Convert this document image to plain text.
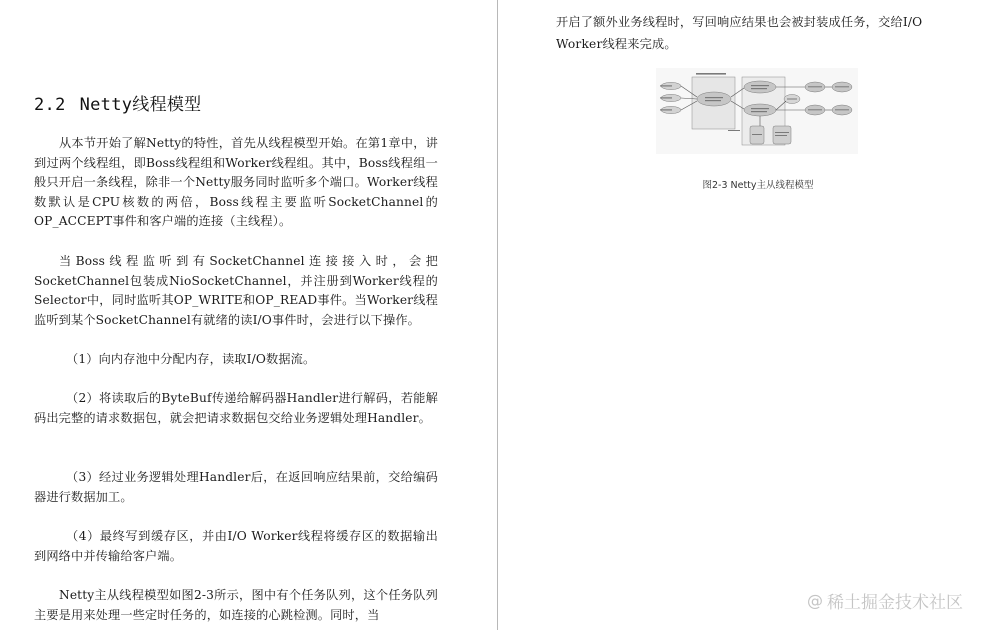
2.2 Netty线程模型

从本节开始了解Netty的特性，首先从线程模型开始。在第1章中，讲到过两个线程组，即Boss线程组和Worker线程组。其中，Boss线程组一般只开启一条线程，除非一个Netty服务同时监听多个端口。Worker线程数默认是CPU核数的两倍，Boss线程主要监听SocketChannel的OP_ACCEPT事件和客户端的连接（主线程）。

当Boss线程监听到有SocketChannel连接接入时，会把SocketChannel包装成NioSocketChannel，并注册到Worker线程的Selector中，同时监听其OP_WRITE和OP_READ事件。当Worker线程监听到某个SocketChannel有就绪的读I/O事件时，会进行以下操作。

（1）向内存池中分配内存，读取I/O数据流。

（2）将读取后的ByteBuf传递给解码器Handler进行解码，若能解码出完整的请求数据包，就会把请求数据包交给业务逻辑处理Handler。

（3）经过业务逻辑处理Handler后，在返回响应结果前，交给编码器进行数据加工。

（4）最终写到缓存区，并由I/O Worker线程将缓存区的数据输出到网络中并传输给客户端。

Netty主从线程模型如图2-3所示，图中有个任务队列，这个任务队列主要是用来处理一些定时任务的，如连接的心跳检测。同时，当

开启了额外业务线程时，写回响应结果也会被封装成任务，交给I/O Worker线程来完成。

图2-3 Netty主从线程模型
@ 稀土掘金技术社区
